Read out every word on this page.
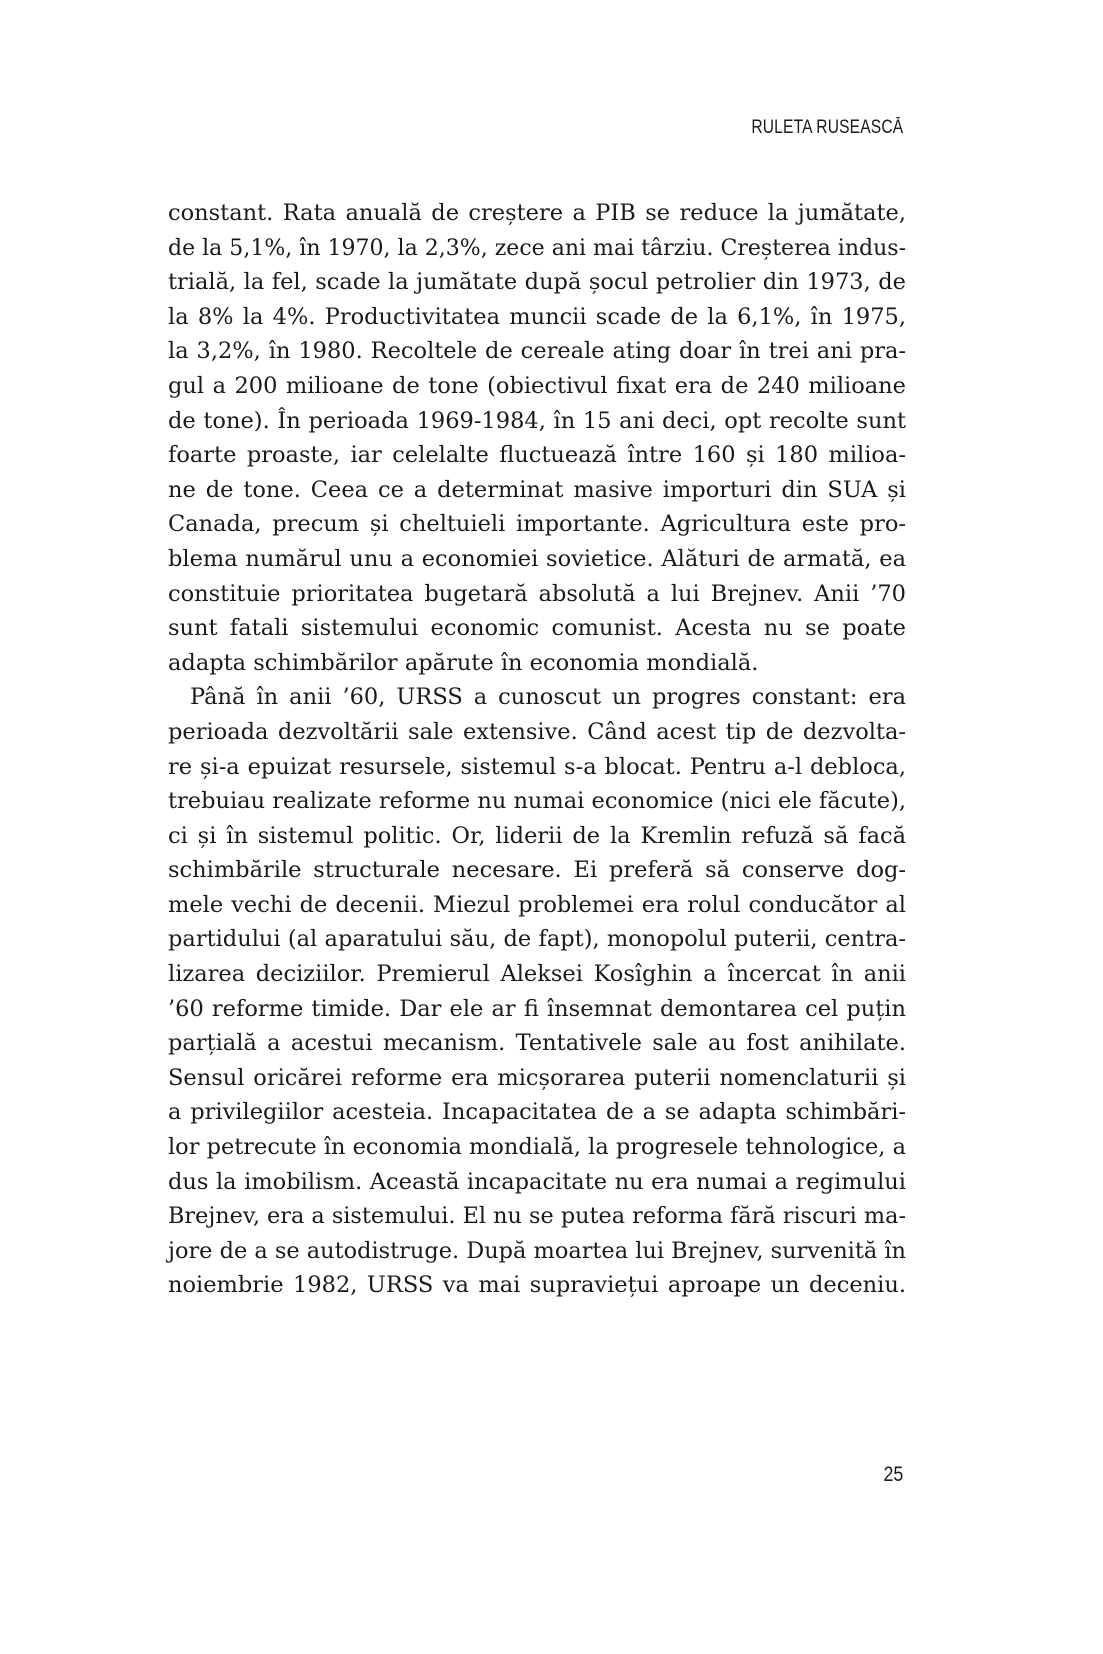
RULETA RUSEASCĂ
constant. Rata anuală de creștere a PIB se reduce la jumătate,
de la 5,1%, în 1970, la 2,3%, zece ani mai târziu. Creșterea indus-
trială, la fel, scade la jumătate după șocul petrolier din 1973, de
la 8% la 4%. Productivitatea muncii scade de la 6,1%, în 1975,
la 3,2%, în 1980. Recoltele de cereale ating doar în trei ani pra-
gul a 200 milioane de tone (obiectivul fixat era de 240 milioane
de tone). În perioada 1969-1984, în 15 ani deci, opt recolte sunt
foarte proaste, iar celelalte fluctuează între 160 și 180 milioa-
ne de tone. Ceea ce a determinat masive importuri din SUA și
Canada, precum și cheltuieli importante. Agricultura este pro-
blema numărul unu a economiei sovietice. Alături de armată, ea
constituie prioritatea bugetară absolută a lui Brejnev. Anii ’70
sunt fatali sistemului economic comunist. Acesta nu se poate
adapta schimbărilor apărute în economia mondială.
Până în anii ’60, URSS a cunoscut un progres constant: era
perioada dezvoltării sale extensive. Când acest tip de dezvolta-
re și-a epuizat resursele, sistemul s-a blocat. Pentru a-l debloca,
trebuiau realizate reforme nu numai economice (nici ele făcute),
ci și în sistemul politic. Or, liderii de la Kremlin refuză să facă
schimbările structurale necesare. Ei preferă să conserve dog-
mele vechi de decenii. Miezul problemei era rolul conducător al
partidului (al aparatului său, de fapt), monopolul puterii, centra-
lizarea deciziilor. Premierul Aleksei Kosîghin a încercat în anii
’60 reforme timide. Dar ele ar fi însemnat demontarea cel puțin
parțială a acestui mecanism. Tentativele sale au fost anihilate.
Sensul oricărei reforme era micșorarea puterii nomenclaturii și
a privilegiilor acesteia. Incapacitatea de a se adapta schimbări-
lor petrecute în economia mondială, la progresele tehnologice, a
dus la imobilism. Această incapacitate nu era numai a regimului
Brejnev, era a sistemului. El nu se putea reforma fără riscuri ma-
jore de a se autodistruge. După moartea lui Brejnev, survenită în
noiembrie 1982, URSS va mai supraviețui aproape un deceniu.
25
